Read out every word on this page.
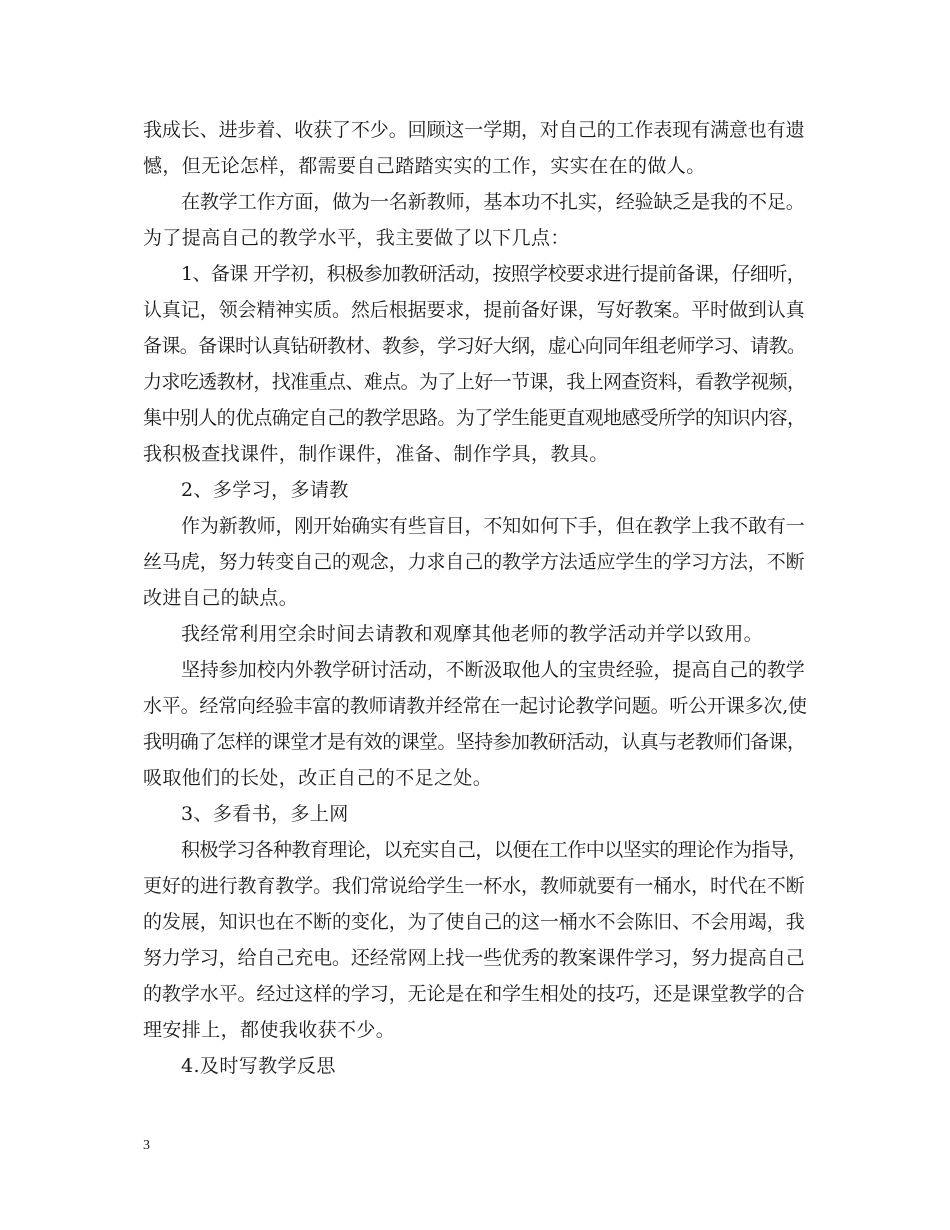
我成长、进步着、收获了不少。回顾这一学期，对自己的工作表现有满意也有遗
憾，但无论怎样，都需要自己踏踏实实的工作，实实在在的做人。
在教学工作方面，做为一名新教师，基本功不扎实，经验缺乏是我的不足。
为了提高自己的教学水平，我主要做了以下几点：
1、备课 开学初，积极参加教研活动，按照学校要求进行提前备课，仔细听，
认真记，领会精神实质。然后根据要求，提前备好课，写好教案。平时做到认真
备课。备课时认真钻研教材、教参，学习好大纲，虚心向同年组老师学习、请教。
力求吃透教材，找准重点、难点。为了上好一节课，我上网查资料，看教学视频，
集中别人的优点确定自己的教学思路。为了学生能更直观地感受所学的知识内容，
我积极查找课件，制作课件，准备、制作学具，教具。
2、多学习，多请教
作为新教师，刚开始确实有些盲目，不知如何下手，但在教学上我不敢有一
丝马虎，努力转变自己的观念，力求自己的教学方法适应学生的学习方法，不断
改进自己的缺点。
我经常利用空余时间去请教和观摩其他老师的教学活动并学以致用。
坚持参加校内外教学研讨活动，不断汲取他人的宝贵经验，提高自己的教学
水平。经常向经验丰富的教师请教并经常在一起讨论教学问题。听公开课多次,使
我明确了怎样的课堂才是有效的课堂。坚持参加教研活动，认真与老教师们备课，
吸取他们的长处，改正自己的不足之处。
3、多看书，多上网
积极学习各种教育理论，以充实自己，以便在工作中以坚实的理论作为指导，
更好的进行教育教学。我们常说给学生一杯水，教师就要有一桶水，时代在不断
的发展，知识也在不断的变化，为了使自己的这一桶水不会陈旧、不会用竭，我
努力学习，给自己充电。还经常网上找一些优秀的教案课件学习，努力提高自己
的教学水平。经过这样的学习，无论是在和学生相处的技巧，还是课堂教学的合
理安排上，都使我收获不少。
4.及时写教学反思
3
